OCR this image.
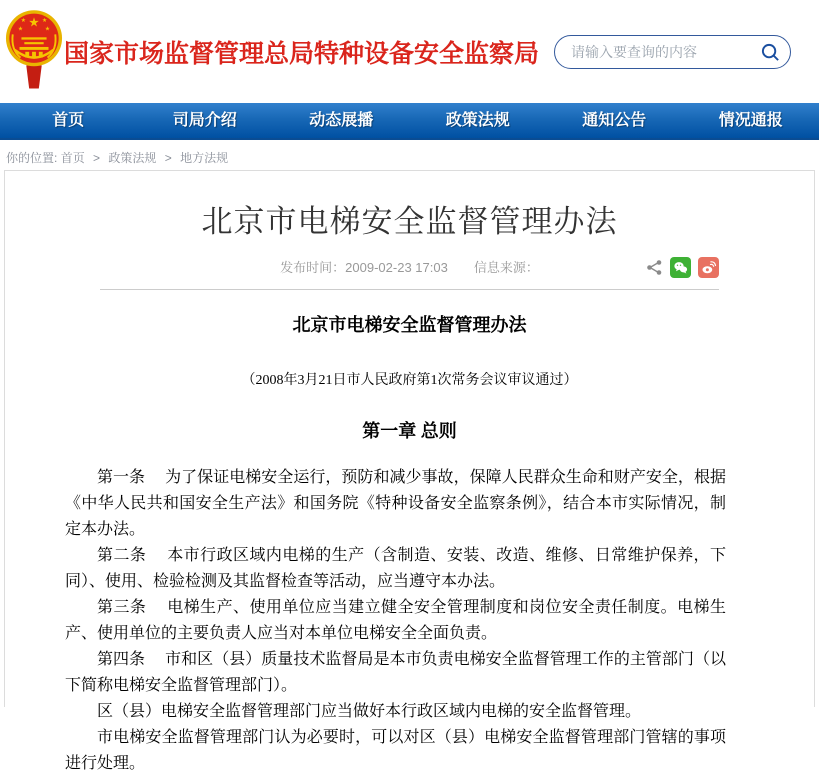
★
★	★
★	★
国家市场监督管理总局特种设备安全监察局
请输入要查询的内容
首页	司局介绍	动态展播	政策法规	通知公告	情况通报
你的位置: 首页 > 政策法规 > 地方法规
北京市电梯安全监督管理办法
发布时间：2009-02-23 17:03 信息来源：
北京市电梯安全监督管理办法

（2008年3月21日市人民政府第1次常务会议审议通过）

第一章 总则

第一条　 为了保证电梯安全运行，预防和减少事故，保障人民群众生命和财产安全，根据《中华人民共和国安全生产法》和国务院《特种设备安全监察条例》，结合本市实际情况，制定本办法。

第二条　 本市行政区域内电梯的生产（含制造、安装、改造、维修、日常维护保养，下同）、使用、检验检测及其监督检查等活动，应当遵守本办法。

第三条　 电梯生产、使用单位应当建立健全安全管理制度和岗位安全责任制度。电梯生产、使用单位的主要负责人应当对本单位电梯安全全面负责。

第四条　 市和区（县）质量技术监督局是本市负责电梯安全监督管理工作的主管部门（以下简称电梯安全监督管理部门）。

区（县）电梯安全监督管理部门应当做好本行政区域内电梯的安全监督管理。

市电梯安全监督管理部门认为必要时，可以对区（县）电梯安全监督管理部门管辖的事项进行处理。
